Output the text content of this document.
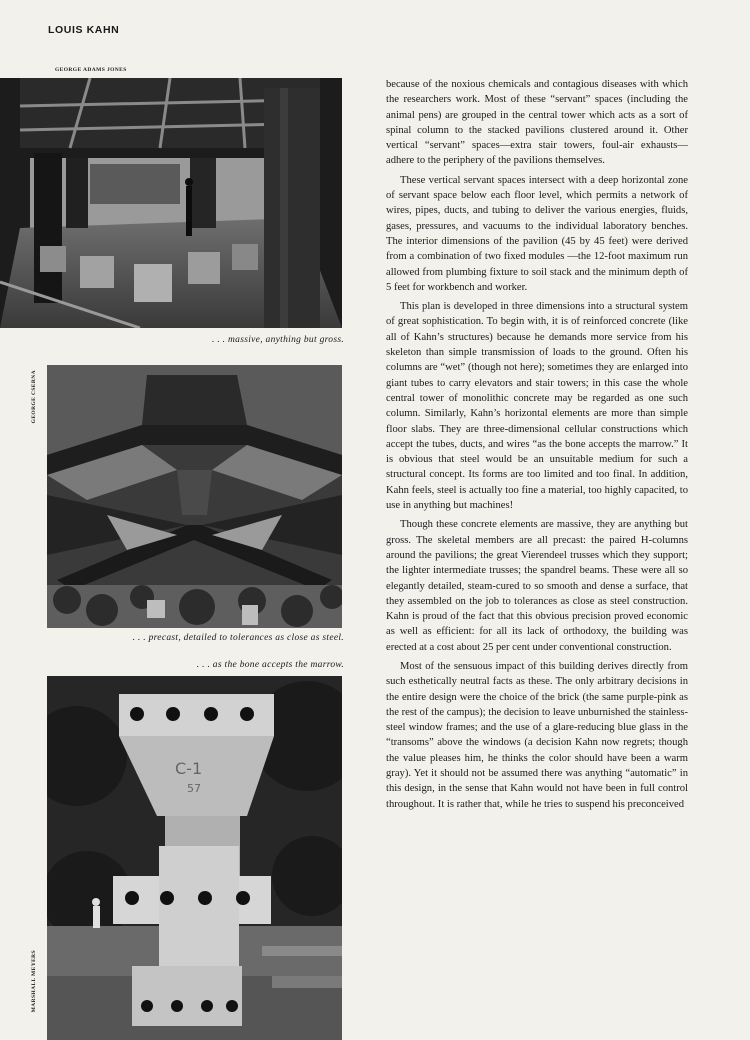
LOUIS KAHN
GEORGE ADAMS JONES
. . . massive, anything but gross.
GEORGE CSERNA
. . . precast, detailed to tolerances as close as steel.
. . . as the bone accepts the marrow.
MARSHALL MEYERS
C-1
57

because of the noxious chemicals and contagious diseases with which the researchers work. Most of these “servant” spaces (including the animal pens) are grouped in the central tower which acts as a sort of spinal column to the stacked pavilions clustered around it. Other vertical “servant” spaces—extra stair towers, foul-air exhausts—adhere to the periphery of the pavilions themselves.

These vertical servant spaces intersect with a deep horizontal zone of servant space below each floor level, which permits a network of wires, pipes, ducts, and tubing to deliver the various energies, fluids, gases, pressures, and vacuums to the individual laboratory benches. The interior dimensions of the pavilion (45 by 45 feet) were derived from a combination of two fixed modules —the 12-foot maximum run allowed from plumbing fixture to soil stack and the minimum depth of 5 feet for workbench and worker.

This plan is developed in three dimensions into a structural system of great sophistication. To begin with, it is of reinforced concrete (like all of Kahn’s structures) because he demands more service from his skeleton than simple transmission of loads to the ground. Often his columns are “wet” (though not here); sometimes they are enlarged into giant tubes to carry elevators and stair towers; in this case the whole central tower of monolithic concrete may be regarded as one such column. Similarly, Kahn’s horizontal elements are more than simple floor slabs. They are three-dimensional cellular constructions which accept the tubes, ducts, and wires “as the bone accepts the marrow.” It is obvious that steel would be an unsuitable medium for such a structural concept. Its forms are too limited and too final. In addition, Kahn feels, steel is actually too fine a material, too highly capacited, to use in anything but machines!

Though these concrete elements are massive, they are anything but gross. The skeletal members are all precast: the paired H-columns around the pavilions; the great Vierendeel trusses which they support; the lighter intermediate trusses; the spandrel beams. These were all so elegantly detailed, steam-cured to so smooth and dense a surface, that they assembled on the job to tolerances as close as steel construction. Kahn is proud of the fact that this obvious precision proved economic as well as efficient: for all its lack of orthodoxy, the building was erected at a cost about 25 per cent under conventional construction.

Most of the sensuous impact of this building derives directly from such esthetically neutral facts as these. The only arbitrary decisions in the entire design were the choice of the brick (the same purple-pink as the rest of the campus); the decision to leave unburnished the stainless-steel window frames; and the use of a glare-reducing blue glass in the “transoms” above the windows (a decision Kahn now regrets; though the value pleases him, he thinks the color should have been a warm gray). Yet it should not be assumed there was anything “automatic” in this design, in the sense that Kahn would not have been in full control throughout. It is rather that, while he tries to suspend his preconceived
